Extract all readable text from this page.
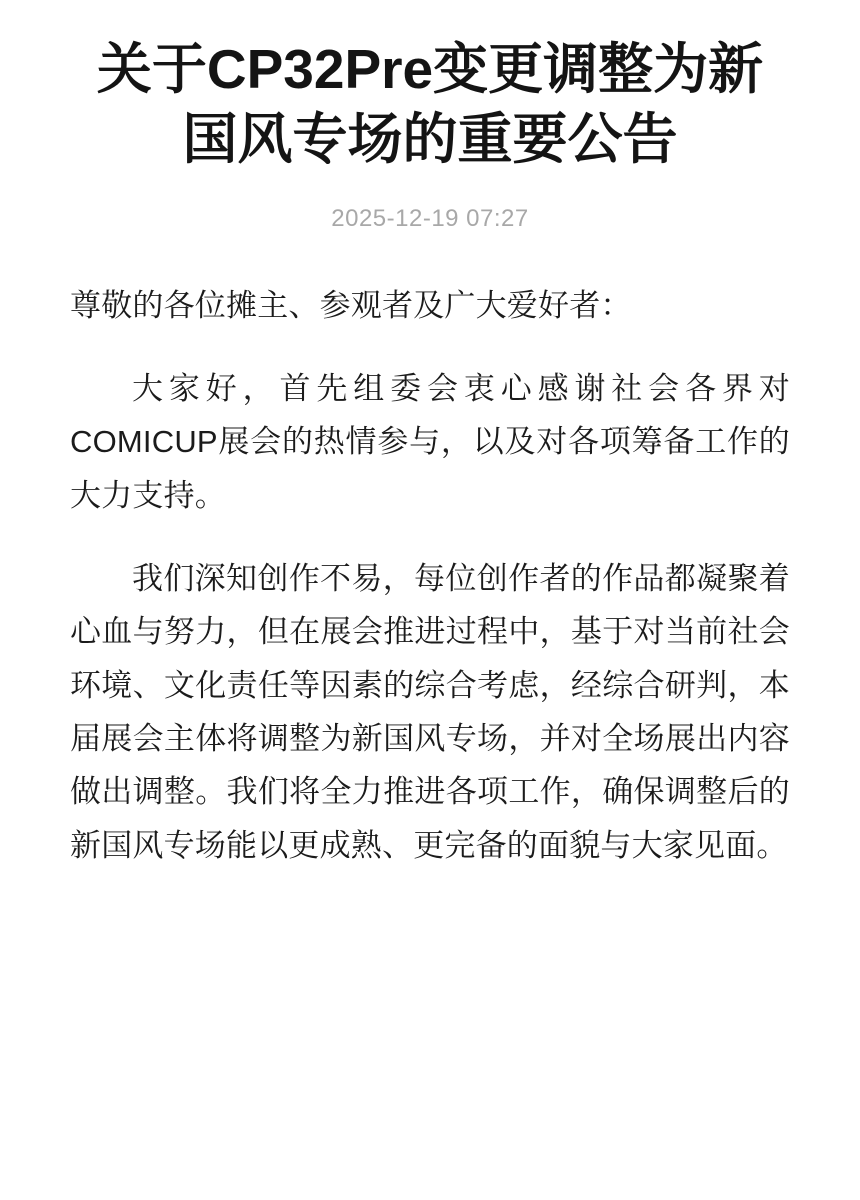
关于CP32Pre变更调整为新国风专场的重要公告
2025-12-19 07:27

尊敬的各位摊主、参观者及广大爱好者：

大家好，首先组委会衷心感谢社会各界对COMICUP展会的热情参与，以及对各项筹备工作的大力支持。

我们深知创作不易，每位创作者的作品都凝聚着心血与努力，但在展会推进过程中，基于对当前社会环境、文化责任等因素的综合考虑，经综合研判，本届展会主体将调整为新国风专场，并对全场展出内容做出调整。我们将全力推进各项工作，确保调整后的新国风专场能以更成熟、更完备的面貌与大家见面。
